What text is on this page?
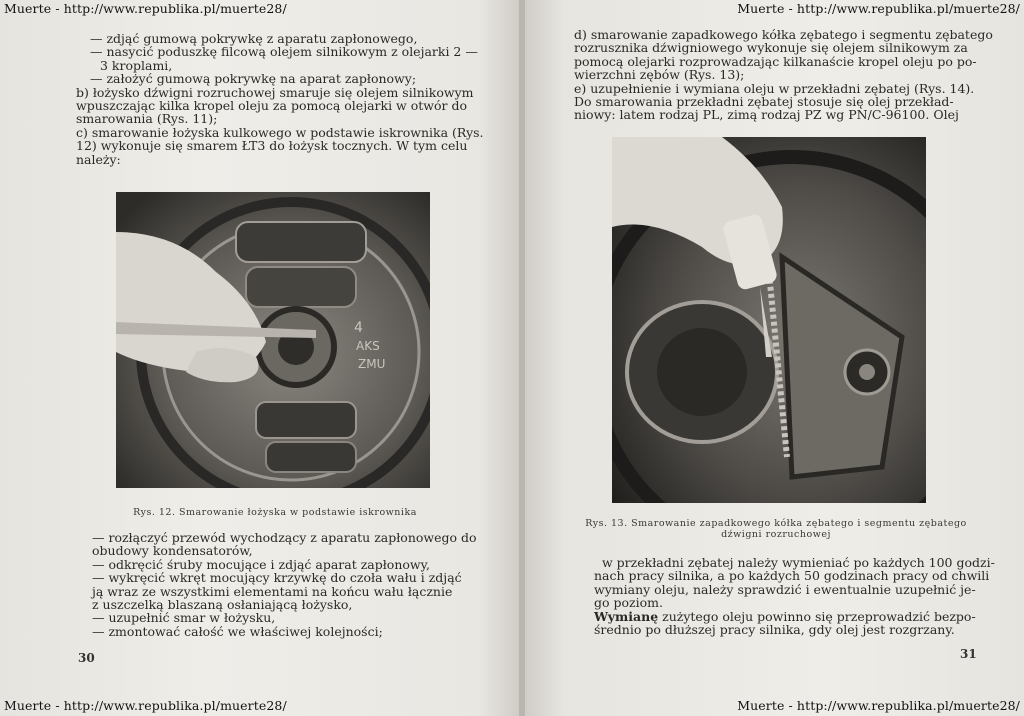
Muerte - http://www.republika.pl/muerte28/	Muerte - http://www.republika.pl/muerte28/
Muerte - http://www.republika.pl/muerte28/	Muerte - http://www.republika.pl/muerte28/
— zdjąć gumową pokrywkę z aparatu zapłonowego,
— nasycić poduszkę filcową olejem silnikowym z olejarki 2 —
3 kroplami,
— założyć gumową pokrywkę na aparat zapłonowy;
b) łożysko dźwigni rozruchowej smaruje się olejem silnikowym
wpuszczając kilka kropel oleju za pomocą olejarki w otwór do
smarowania (Rys. 11);
c) smarowanie łożyska kulkowego w podstawie iskrownika (Rys.
12) wykonuje się smarem ŁT3 do łożysk tocznych. W tym celu
należy:
4
AKS
ZMU
Rys. 12. Smarowanie łożyska w podstawie iskrownika
— rozłączyć przewód wychodzący z aparatu zapłonowego do
obudowy kondensatorów,
— odkręcić śruby mocujące i zdjąć aparat zapłonowy,
— wykręcić wkręt mocujący krzywkę do czoła wału i zdjąć
ją wraz ze wszystkimi elementami na końcu wału łącznie
z uszczelką blaszaną osłaniającą łożysko,
— uzupełnić smar w łożysku,
— zmontować całość we właściwej kolejności;
30
d) smarowanie zapadkowego kółka zębatego i segmentu zębatego
rozrusznika dźwigniowego wykonuje się olejem silnikowym za
pomocą olejarki rozprowadzając kilkanaście kropel oleju po po-
wierzchni zębów (Rys. 13);
e) uzupełnienie i wymiana oleju w przekładni zębatej (Rys. 14).
Do smarowania przekładni zębatej stosuje się olej przekład-
niowy: latem rodzaj PL, zimą rodzaj PZ wg PN/C-96100. Olej
Rys. 13. Smarowanie zapadkowego kółka zębatego i segmentu zębatego
dźwigni rozruchowej
w przekładni zębatej należy wymieniać po każdych 100 godzi-
nach pracy silnika, a po każdych 50 godzinach pracy od chwili
wymiany oleju, należy sprawdzić i ewentualnie uzupełnić je-
go poziom.
Wymianę zużytego oleju powinno się przeprowadzić bezpo-
średnio po dłuższej pracy silnika, gdy olej jest rozgrzany.
31
